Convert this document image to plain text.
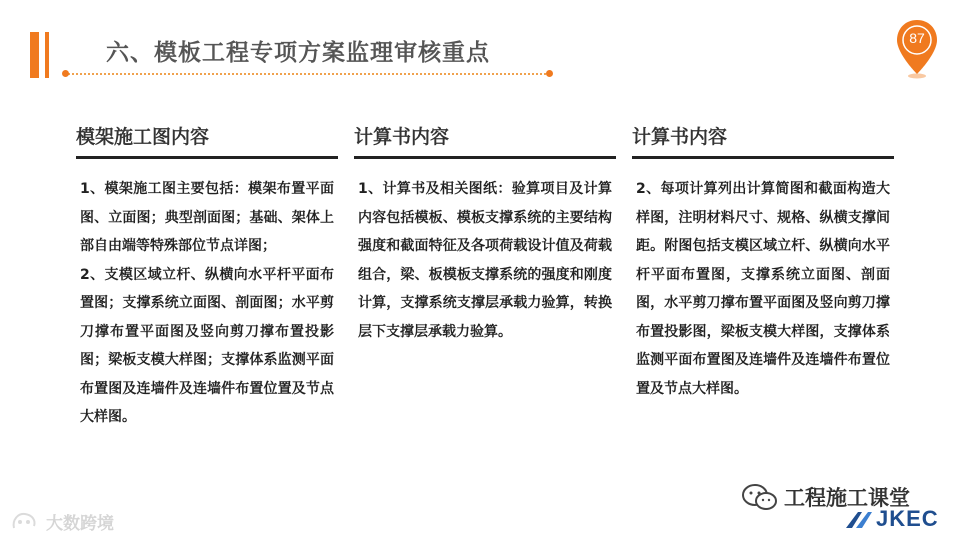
六、模板工程专项方案监理审核重点
87
模架施工图内容

1、模架施工图主要包括：模架布置平面图、立面图；典型剖面图；基础、架体上部自由端等特殊部位节点详图；

2、支模区域立杆、纵横向水平杆平面布置图；支撑系统立面图、剖面图；水平剪刀撑布置平面图及竖向剪刀撑布置投影图；梁板支模大样图；支撑体系监测平面布置图及连墙件及连墙件布置位置及节点大样图。

计算书内容

1、计算书及相关图纸：验算项目及计算内容包括模板、模板支撑系统的主要结构强度和截面特征及各项荷载设计值及荷载组合，梁、板模板支撑系统的强度和刚度计算，支撑系统支撑层承载力验算，转换层下支撑层承载力验算。

计算书内容

2、每项计算列出计算简图和截面构造大样图，注明材料尺寸、规格、纵横支撑间距。附图包括支模区域立杆、纵横向水平杆平面布置图，支撑系统立面图、剖面图，水平剪刀撑布置平面图及竖向剪刀撑布置投影图，梁板支模大样图，支撑体系监测平面布置图及连墙件及连墙件布置位置及节点大样图。

大数跨境
工程施工课堂
JKEC
